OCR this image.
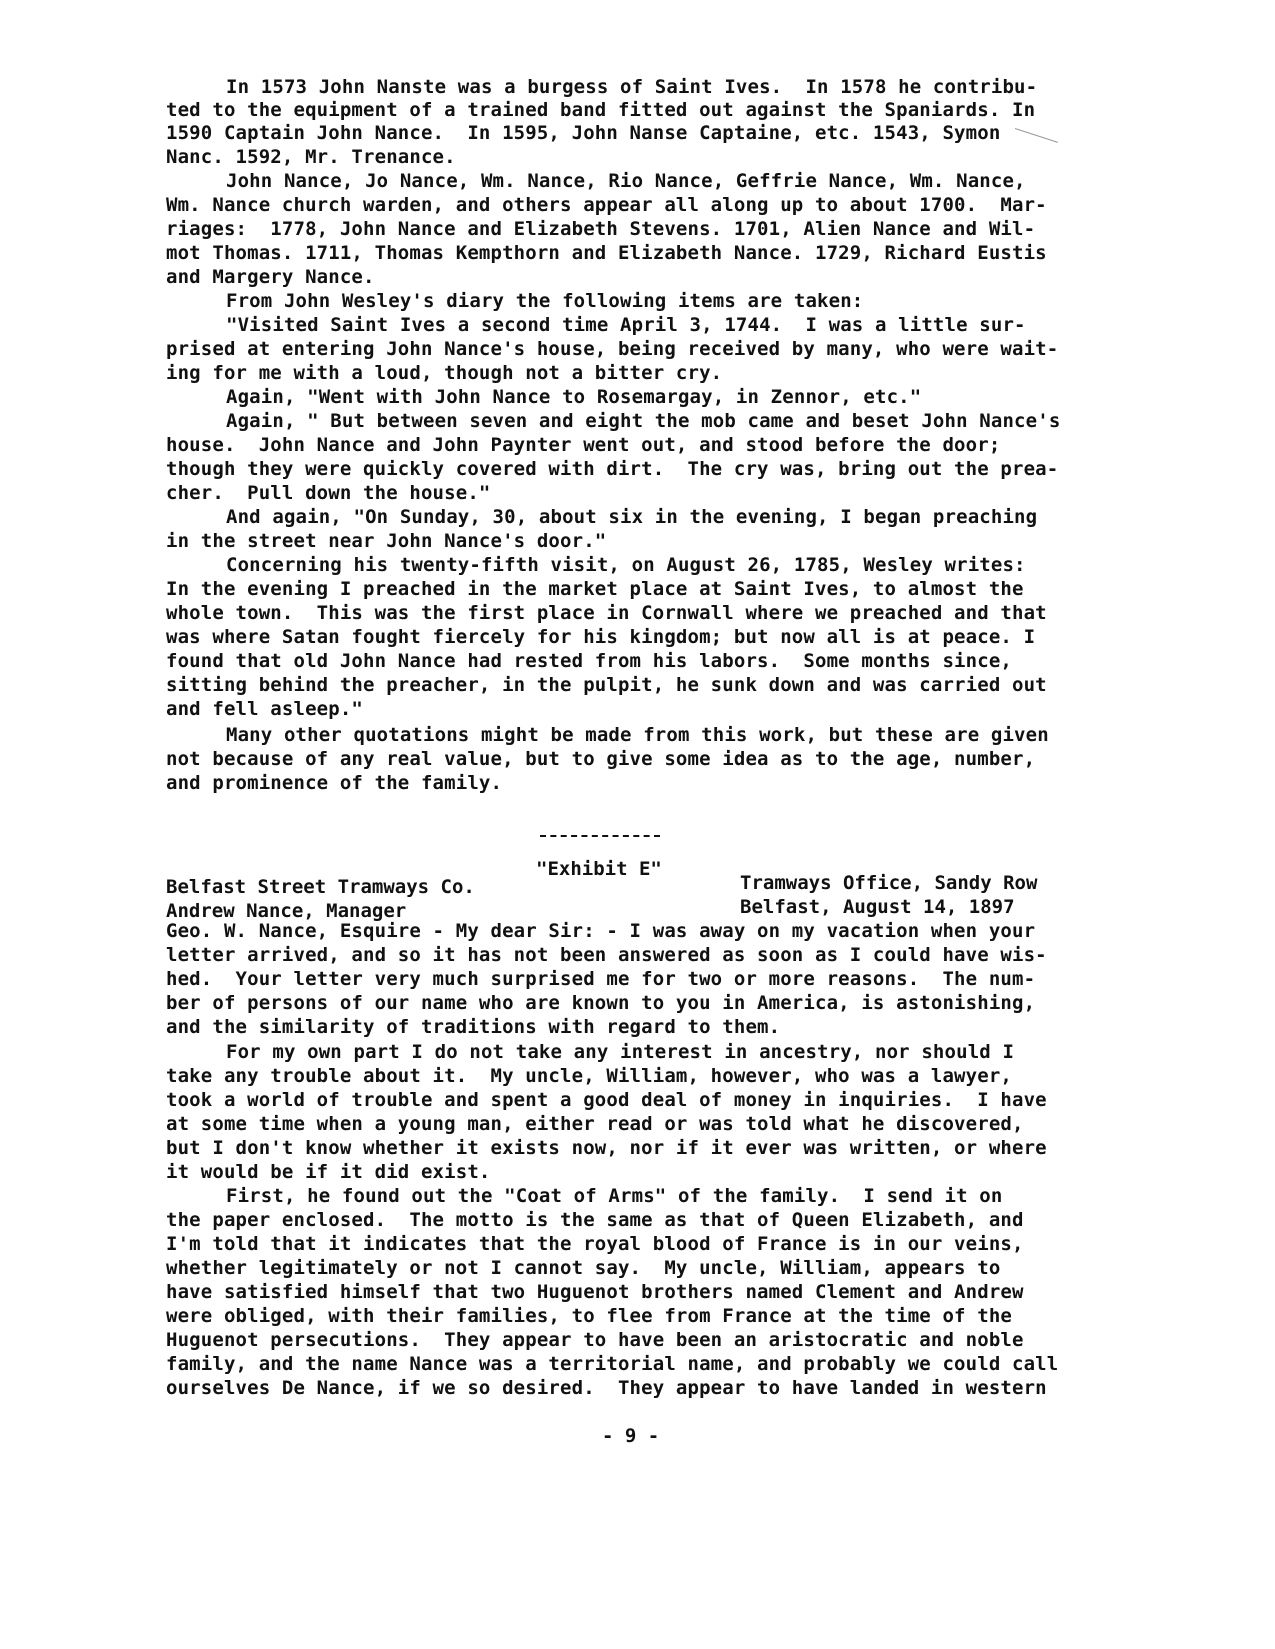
In 1573 John Nanste was a burgess of Saint Ives.  In 1578 he contribu-
ted to the equipment of a trained band fitted out against the Spaniards. In
1590 Captain John Nance.  In 1595, John Nanse Captaine, etc. 1543, Symon
Nanc. 1592, Mr. Trenance.
John Nance, Jo Nance, Wm. Nance, Rio Nance, Geffrie Nance, Wm. Nance,
Wm. Nance church warden, and others appear all along up to about 1700.  Mar-
riages:  1778, John Nance and Elizabeth Stevens. 1701, Alien Nance and Wil-
mot Thomas. 1711, Thomas Kempthorn and Elizabeth Nance. 1729, Richard Eustis
and Margery Nance.
From John Wesley's diary the following items are taken:
"Visited Saint Ives a second time April 3, 1744.  I was a little sur-
prised at entering John Nance's house, being received by many, who were wait-
ing for me with a loud, though not a bitter cry.
Again, "Went with John Nance to Rosemargay, in Zennor, etc."
Again, " But between seven and eight the mob came and beset John Nance's
house.  John Nance and John Paynter went out, and stood before the door;
though they were quickly covered with dirt.  The cry was, bring out the prea-
cher.  Pull down the house."
And again, "On Sunday, 30, about six in the evening, I began preaching
in the street near John Nance's door."
Concerning his twenty-fifth visit, on August 26, 1785, Wesley writes:
In the evening I preached in the market place at Saint Ives, to almost the
whole town.  This was the first place in Cornwall where we preached and that
was where Satan fought fiercely for his kingdom; but now all is at peace. I
found that old John Nance had rested from his labors.  Some months since,
sitting behind the preacher, in the pulpit, he sunk down and was carried out
and fell asleep."
Many other quotations might be made from this work, but these are given
not because of any real value, but to give some idea as to the age, number,
and prominence of the family.
"Exhibit E"
Belfast Street Tramways Co.	Tramways Office, Sandy Row
Andrew Nance, Manager	Belfast, August 14, 1897
Geo. W. Nance, Esquire - My dear Sir: - I was away on my vacation when your
letter arrived, and so it has not been answered as soon as I could have wis-
hed.  Your letter very much surprised me for two or more reasons.  The num-
ber of persons of our name who are known to you in America, is astonishing,
and the similarity of traditions with regard to them.
For my own part I do not take any interest in ancestry, nor should I
take any trouble about it.  My uncle, William, however, who was a lawyer,
took a world of trouble and spent a good deal of money in inquiries.  I have
at some time when a young man, either read or was told what he discovered,
but I don't know whether it exists now, nor if it ever was written, or where
it would be if it did exist.
First, he found out the "Coat of Arms" of the family.  I send it on
the paper enclosed.  The motto is the same as that of Queen Elizabeth, and
I'm told that it indicates that the royal blood of France is in our veins,
whether legitimately or not I cannot say.  My uncle, William, appears to
have satisfied himself that two Huguenot brothers named Clement and Andrew
were obliged, with their families, to flee from France at the time of the
Huguenot persecutions.  They appear to have been an aristocratic and noble
family, and the name Nance was a territorial name, and probably we could call
ourselves De Nance, if we so desired.  They appear to have landed in western
- 9 -
